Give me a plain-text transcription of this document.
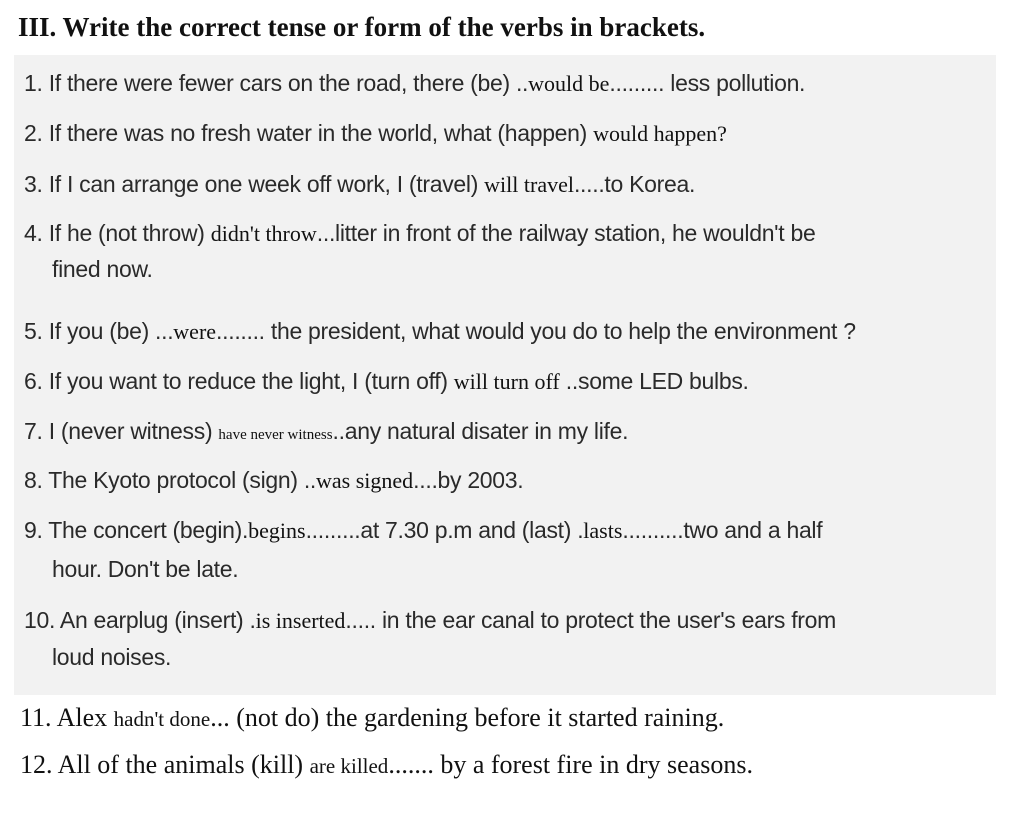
III. Write the correct tense or form of the verbs in brackets.
1. If there were fewer cars on the road, there (be) ..would be......... less pollution.
2. If there was no fresh water in the world, what (happen) would happen?
3. If I can arrange one week off work, I (travel) will travel.....to Korea.
4. If he (not throw) didn't throw...litter in front of the railway station, he wouldn't be
fined now.
5. If you (be) ...were........ the president, what would you do to help the environment ?
6. If you want to reduce the light, I (turn off) will turn off ..some LED bulbs.
7. I (never witness) have never witness..any natural disater in my life.
8. The Kyoto protocol (sign) ..was signed....by 2003.
9. The concert (begin).begins.........at 7.30 p.m and (last) .lasts..........two and a half
hour. Don't be late.
10. An earplug (insert) .is inserted..... in the ear canal to protect the user's ears from
loud noises.
11. Alex hadn't done... (not do) the gardening before it started raining.
12. All of the animals (kill) are killed....... by a forest fire in dry seasons.
